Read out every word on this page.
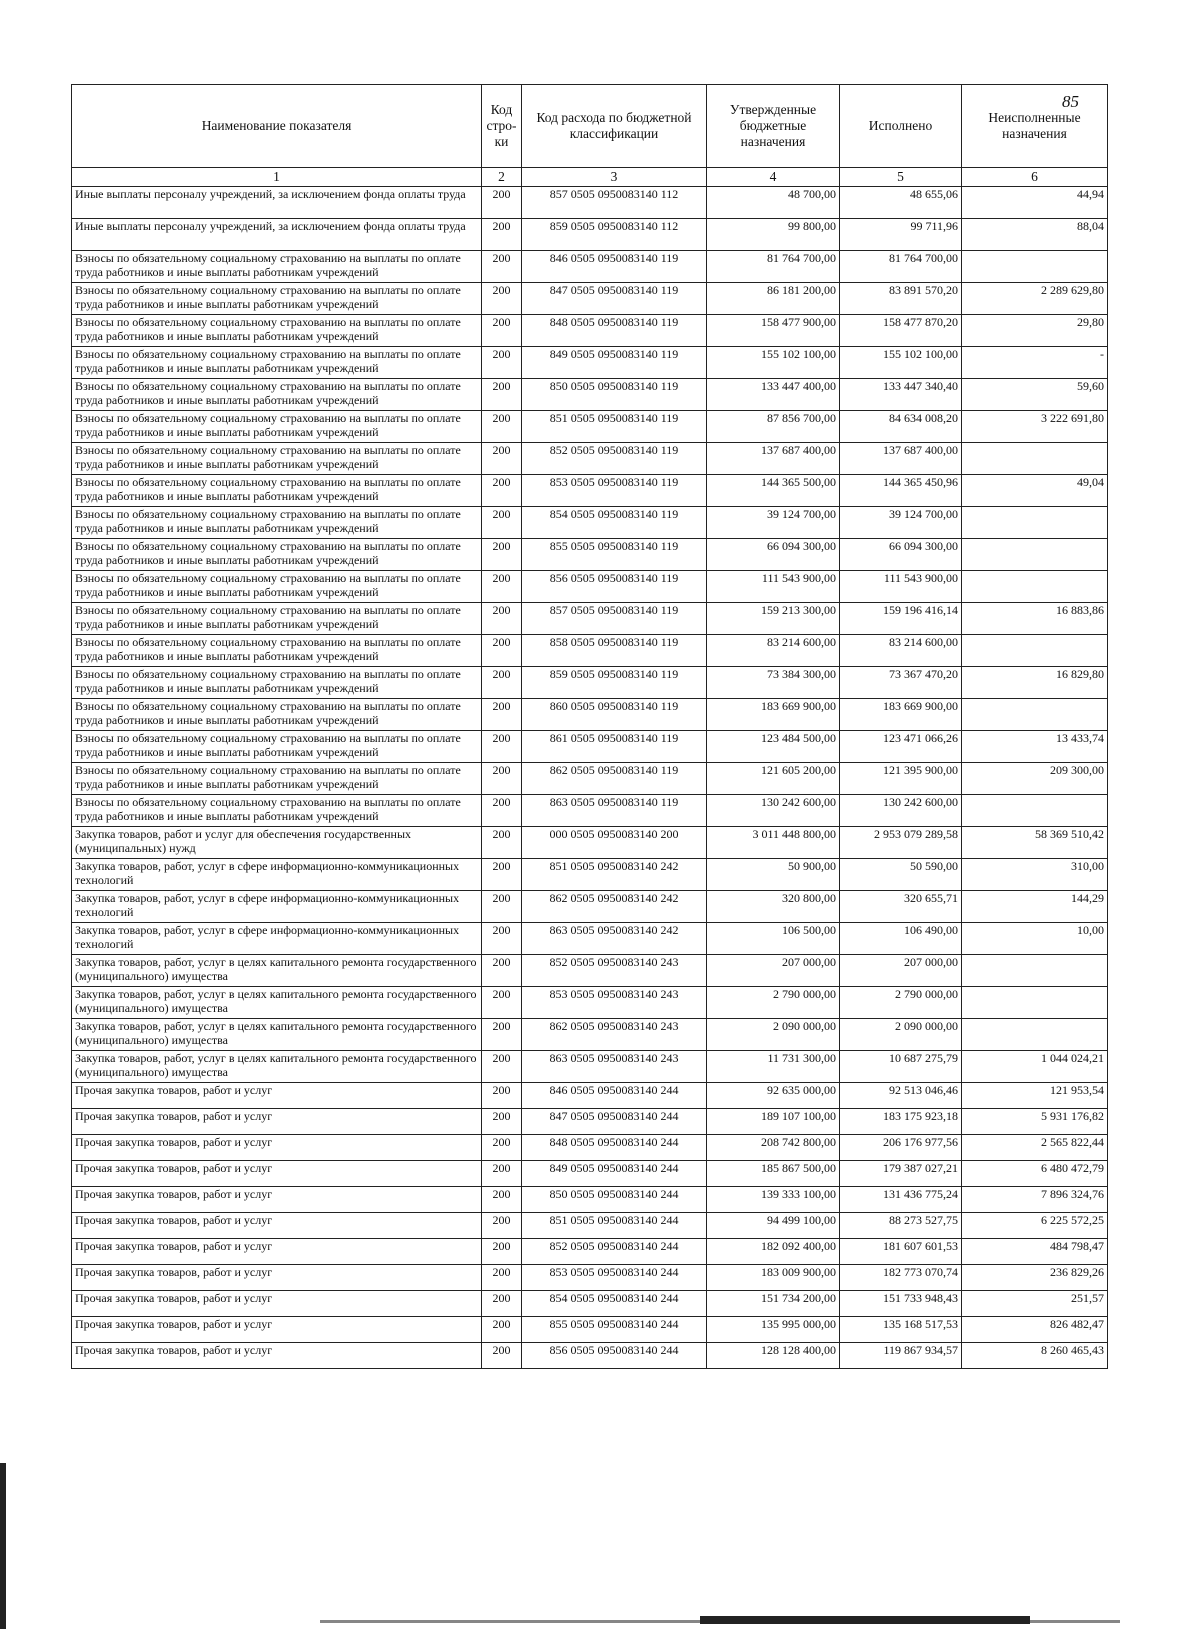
85
Наименование показателя	Код стро-ки	Код расхода по бюджетной классификации	Утвержденные бюджетные назначения	Исполнено	Неисполненные назначения
1	2	3	4	5	6
Иные выплаты персоналу учреждений, за исключением фонда оплаты труда	200	857 0505 0950083140 112	48 700,00	48 655,06	44,94
Иные выплаты персоналу учреждений, за исключением фонда оплаты труда	200	859 0505 0950083140 112	99 800,00	99 711,96	88,04
Взносы по обязательному социальному страхованию на выплаты по оплате труда работников и иные выплаты работникам учреждений	200	846 0505 0950083140 119	81 764 700,00	81 764 700,00	
Взносы по обязательному социальному страхованию на выплаты по оплате труда работников и иные выплаты работникам учреждений	200	847 0505 0950083140 119	86 181 200,00	83 891 570,20	2 289 629,80
Взносы по обязательному социальному страхованию на выплаты по оплате труда работников и иные выплаты работникам учреждений	200	848 0505 0950083140 119	158 477 900,00	158 477 870,20	29,80
Взносы по обязательному социальному страхованию на выплаты по оплате труда работников и иные выплаты работникам учреждений	200	849 0505 0950083140 119	155 102 100,00	155 102 100,00	-
Взносы по обязательному социальному страхованию на выплаты по оплате труда работников и иные выплаты работникам учреждений	200	850 0505 0950083140 119	133 447 400,00	133 447 340,40	59,60
Взносы по обязательному социальному страхованию на выплаты по оплате труда работников и иные выплаты работникам учреждений	200	851 0505 0950083140 119	87 856 700,00	84 634 008,20	3 222 691,80
Взносы по обязательному социальному страхованию на выплаты по оплате труда работников и иные выплаты работникам учреждений	200	852 0505 0950083140 119	137 687 400,00	137 687 400,00	
Взносы по обязательному социальному страхованию на выплаты по оплате труда работников и иные выплаты работникам учреждений	200	853 0505 0950083140 119	144 365 500,00	144 365 450,96	49,04
Взносы по обязательному социальному страхованию на выплаты по оплате труда работников и иные выплаты работникам учреждений	200	854 0505 0950083140 119	39 124 700,00	39 124 700,00	
Взносы по обязательному социальному страхованию на выплаты по оплате труда работников и иные выплаты работникам учреждений	200	855 0505 0950083140 119	66 094 300,00	66 094 300,00	
Взносы по обязательному социальному страхованию на выплаты по оплате труда работников и иные выплаты работникам учреждений	200	856 0505 0950083140 119	111 543 900,00	111 543 900,00	
Взносы по обязательному социальному страхованию на выплаты по оплате труда работников и иные выплаты работникам учреждений	200	857 0505 0950083140 119	159 213 300,00	159 196 416,14	16 883,86
Взносы по обязательному социальному страхованию на выплаты по оплате труда работников и иные выплаты работникам учреждений	200	858 0505 0950083140 119	83 214 600,00	83 214 600,00	
Взносы по обязательному социальному страхованию на выплаты по оплате труда работников и иные выплаты работникам учреждений	200	859 0505 0950083140 119	73 384 300,00	73 367 470,20	16 829,80
Взносы по обязательному социальному страхованию на выплаты по оплате труда работников и иные выплаты работникам учреждений	200	860 0505 0950083140 119	183 669 900,00	183 669 900,00	
Взносы по обязательному социальному страхованию на выплаты по оплате труда работников и иные выплаты работникам учреждений	200	861 0505 0950083140 119	123 484 500,00	123 471 066,26	13 433,74
Взносы по обязательному социальному страхованию на выплаты по оплате труда работников и иные выплаты работникам учреждений	200	862 0505 0950083140 119	121 605 200,00	121 395 900,00	209 300,00
Взносы по обязательному социальному страхованию на выплаты по оплате труда работников и иные выплаты работникам учреждений	200	863 0505 0950083140 119	130 242 600,00	130 242 600,00	
Закупка товаров, работ и услуг для обеспечения государственных (муниципальных) нужд	200	000 0505 0950083140 200	3 011 448 800,00	2 953 079 289,58	58 369 510,42
Закупка товаров, работ, услуг в сфере информационно-коммуникационных технологий	200	851 0505 0950083140 242	50 900,00	50 590,00	310,00
Закупка товаров, работ, услуг в сфере информационно-коммуникационных технологий	200	862 0505 0950083140 242	320 800,00	320 655,71	144,29
Закупка товаров, работ, услуг в сфере информационно-коммуникационных технологий	200	863 0505 0950083140 242	106 500,00	106 490,00	10,00
Закупка товаров, работ, услуг в целях капитального ремонта государственного (муниципального) имущества	200	852 0505 0950083140 243	207 000,00	207 000,00	
Закупка товаров, работ, услуг в целях капитального ремонта государственного (муниципального) имущества	200	853 0505 0950083140 243	2 790 000,00	2 790 000,00	
Закупка товаров, работ, услуг в целях капитального ремонта государственного (муниципального) имущества	200	862 0505 0950083140 243	2 090 000,00	2 090 000,00	
Закупка товаров, работ, услуг в целях капитального ремонта государственного (муниципального) имущества	200	863 0505 0950083140 243	11 731 300,00	10 687 275,79	1 044 024,21
Прочая закупка товаров, работ и услуг	200	846 0505 0950083140 244	92 635 000,00	92 513 046,46	121 953,54
Прочая закупка товаров, работ и услуг	200	847 0505 0950083140 244	189 107 100,00	183 175 923,18	5 931 176,82
Прочая закупка товаров, работ и услуг	200	848 0505 0950083140 244	208 742 800,00	206 176 977,56	2 565 822,44
Прочая закупка товаров, работ и услуг	200	849 0505 0950083140 244	185 867 500,00	179 387 027,21	6 480 472,79
Прочая закупка товаров, работ и услуг	200	850 0505 0950083140 244	139 333 100,00	131 436 775,24	7 896 324,76
Прочая закупка товаров, работ и услуг	200	851 0505 0950083140 244	94 499 100,00	88 273 527,75	6 225 572,25
Прочая закупка товаров, работ и услуг	200	852 0505 0950083140 244	182 092 400,00	181 607 601,53	484 798,47
Прочая закупка товаров, работ и услуг	200	853 0505 0950083140 244	183 009 900,00	182 773 070,74	236 829,26
Прочая закупка товаров, работ и услуг	200	854 0505 0950083140 244	151 734 200,00	151 733 948,43	251,57
Прочая закупка товаров, работ и услуг	200	855 0505 0950083140 244	135 995 000,00	135 168 517,53	826 482,47
Прочая закупка товаров, работ и услуг	200	856 0505 0950083140 244	128 128 400,00	119 867 934,57	8 260 465,43
